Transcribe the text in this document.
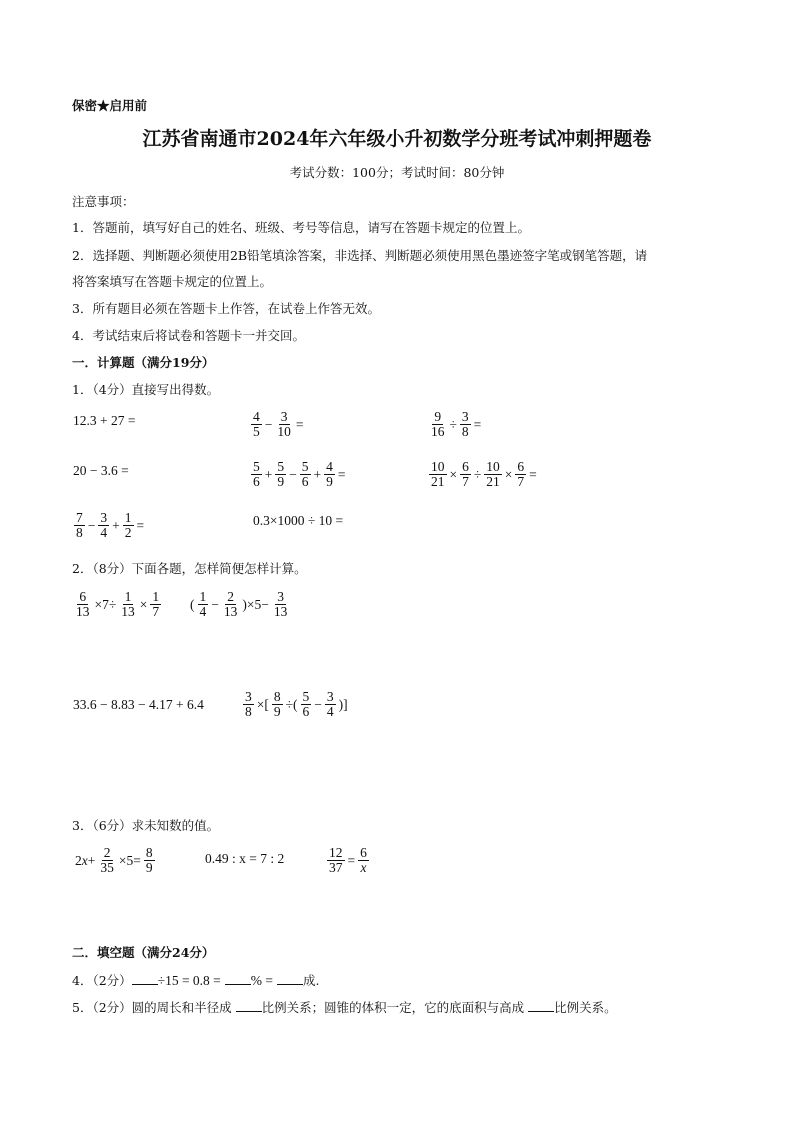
保密★启用前
江苏省南通市2024年六年级小升初数学分班考试冲刺押题卷
考试分数：100分；考试时间：80分钟
注意事项：
1．答题前，填写好自己的姓名、班级、考号等信息，请写在答题卡规定的位置上。
2．选择题、判断题必须使用2B铅笔填涂答案，非选择、判断题必须使用黑色墨迹签字笔或钢笔答题，请
将答案填写在答题卡规定的位置上。
3．所有题目必须在答题卡上作答，在试卷上作答无效。
4．考试结束后将试卷和答题卡一并交回。
一．计算题（满分19分）
1．（4分）直接写出得数。
12.3 + 27 =	$\frac{4}{5} - \frac{3}{10}$ =	$\frac{9}{16} \div \frac{3}{8}$ =
20 − 3.6 =	$\frac{5}{6} + \frac{5}{9} - \frac{5}{6} + \frac{4}{9}$ =	$\frac{10}{21} \times \frac{6}{7} \div \frac{10}{21} \times \frac{6}{7}$ =
$\frac{7}{8} - \frac{3}{4} + \frac{1}{2}$ =	0.3×1000 ÷ 10 =
2．（8分）下面各题，怎样简便怎样计算。
$\frac{6}{13} \times 7\div \frac{1}{13} \times \frac{1}{7}$ ( $\frac{1}{4} - \frac{2}{13} )\times 5- \frac{3}{13}$
33.6 − 8.83 − 4.17 + 6.4	$\frac{3}{8}$ ×[ $\frac{8}{9}$ ÷( $\frac{5}{6} - \frac{3}{4}$ )]
3．（6分）求未知数的值。
$2x+ \frac{2}{35} \times 5= \frac{8}{9}$	0.49 : x = 7 : 2	$\frac{12}{37} = \frac{6}{x}$
二．填空题（满分24分）
4．（2分） ÷15 = 0.8 = % = 成.
5．（2分）圆的周长和半径成 比例关系；圆锥的体积一定，它的底面积与高成 比例关系。
